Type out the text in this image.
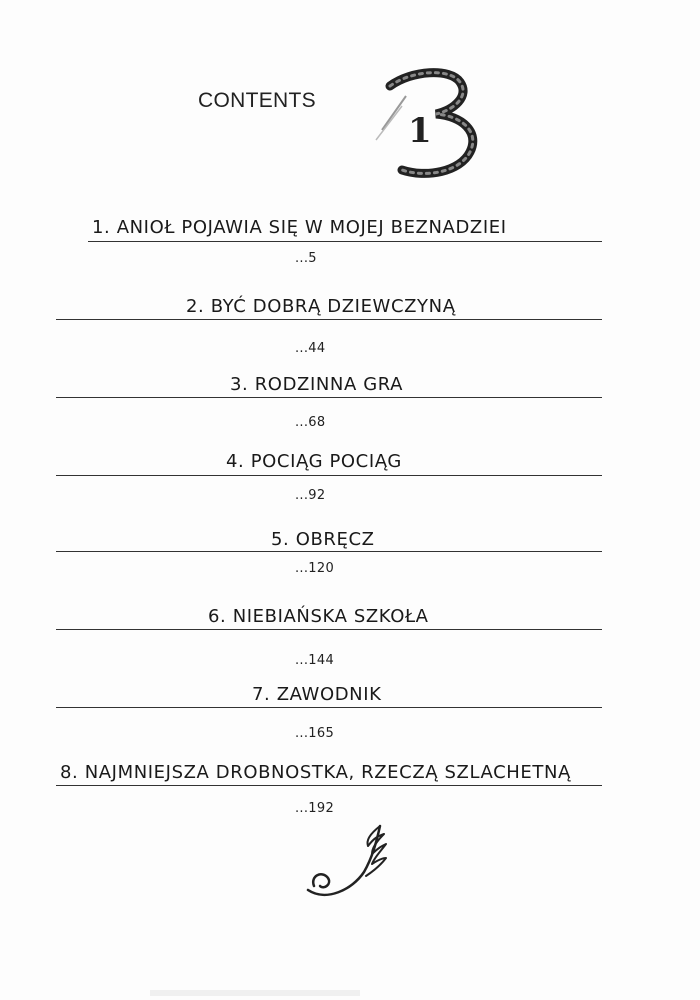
CONTENTS
1
1. ANIOŁ POJAWIA SIĘ W MOJEJ BEZNADZIEI
...5
2. BYĆ DOBRĄ DZIEWCZYNĄ
...44
3. RODZINNA GRA
...68
4. POCIĄG POCIĄG
...92
5. OBRĘCZ
...120
6. NIEBIAŃSKA SZKOŁA
...144
7. ZAWODNIK
...165
8. NAJMNIEJSZA DROBNOSTKA, RZECZĄ SZLACHETNĄ
...192
